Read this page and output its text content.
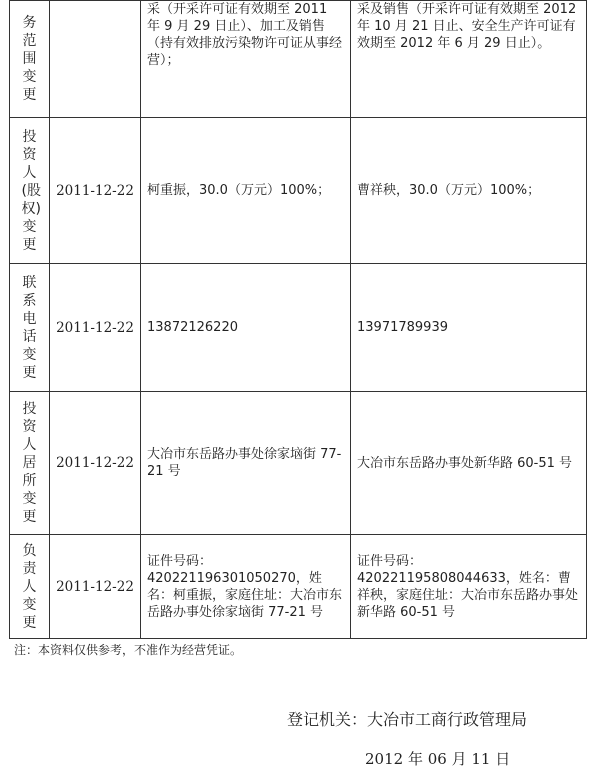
务范围变更		采（开采许可证有效期至 2011 年 9 月 29 日止）、加工及销售（持有效排放污染物许可证从事经营）；	采及销售（开采许可证有效期至 2012 年 10 月 21 日止、安全生产许可证有效期至 2012 年 6 月 29 日止）。
投资人(股权)变更	2011-12-22	柯重振，30.0（万元）100%；	曹祥秧，30.0（万元）100%；
联系电话变更	2011-12-22	13872126220	13971789939
投资人居所变更	2011-12-22	大冶市东岳路办事处徐家垴街 77-21 号	大冶市东岳路办事处新华路 60-51 号
负责人变更	2011-12-22	证件号码：420221196301050270，姓名：柯重振，家庭住址：大冶市东岳路办事处徐家垴街 77-21 号	证件号码：420221195808044633，姓名：曹祥秧，家庭住址：大冶市东岳路办事处新华路 60-51 号
注：本资料仅供参考，不准作为经营凭证。
登记机关：大冶市工商行政管理局
2012 年 06 月 11 日
